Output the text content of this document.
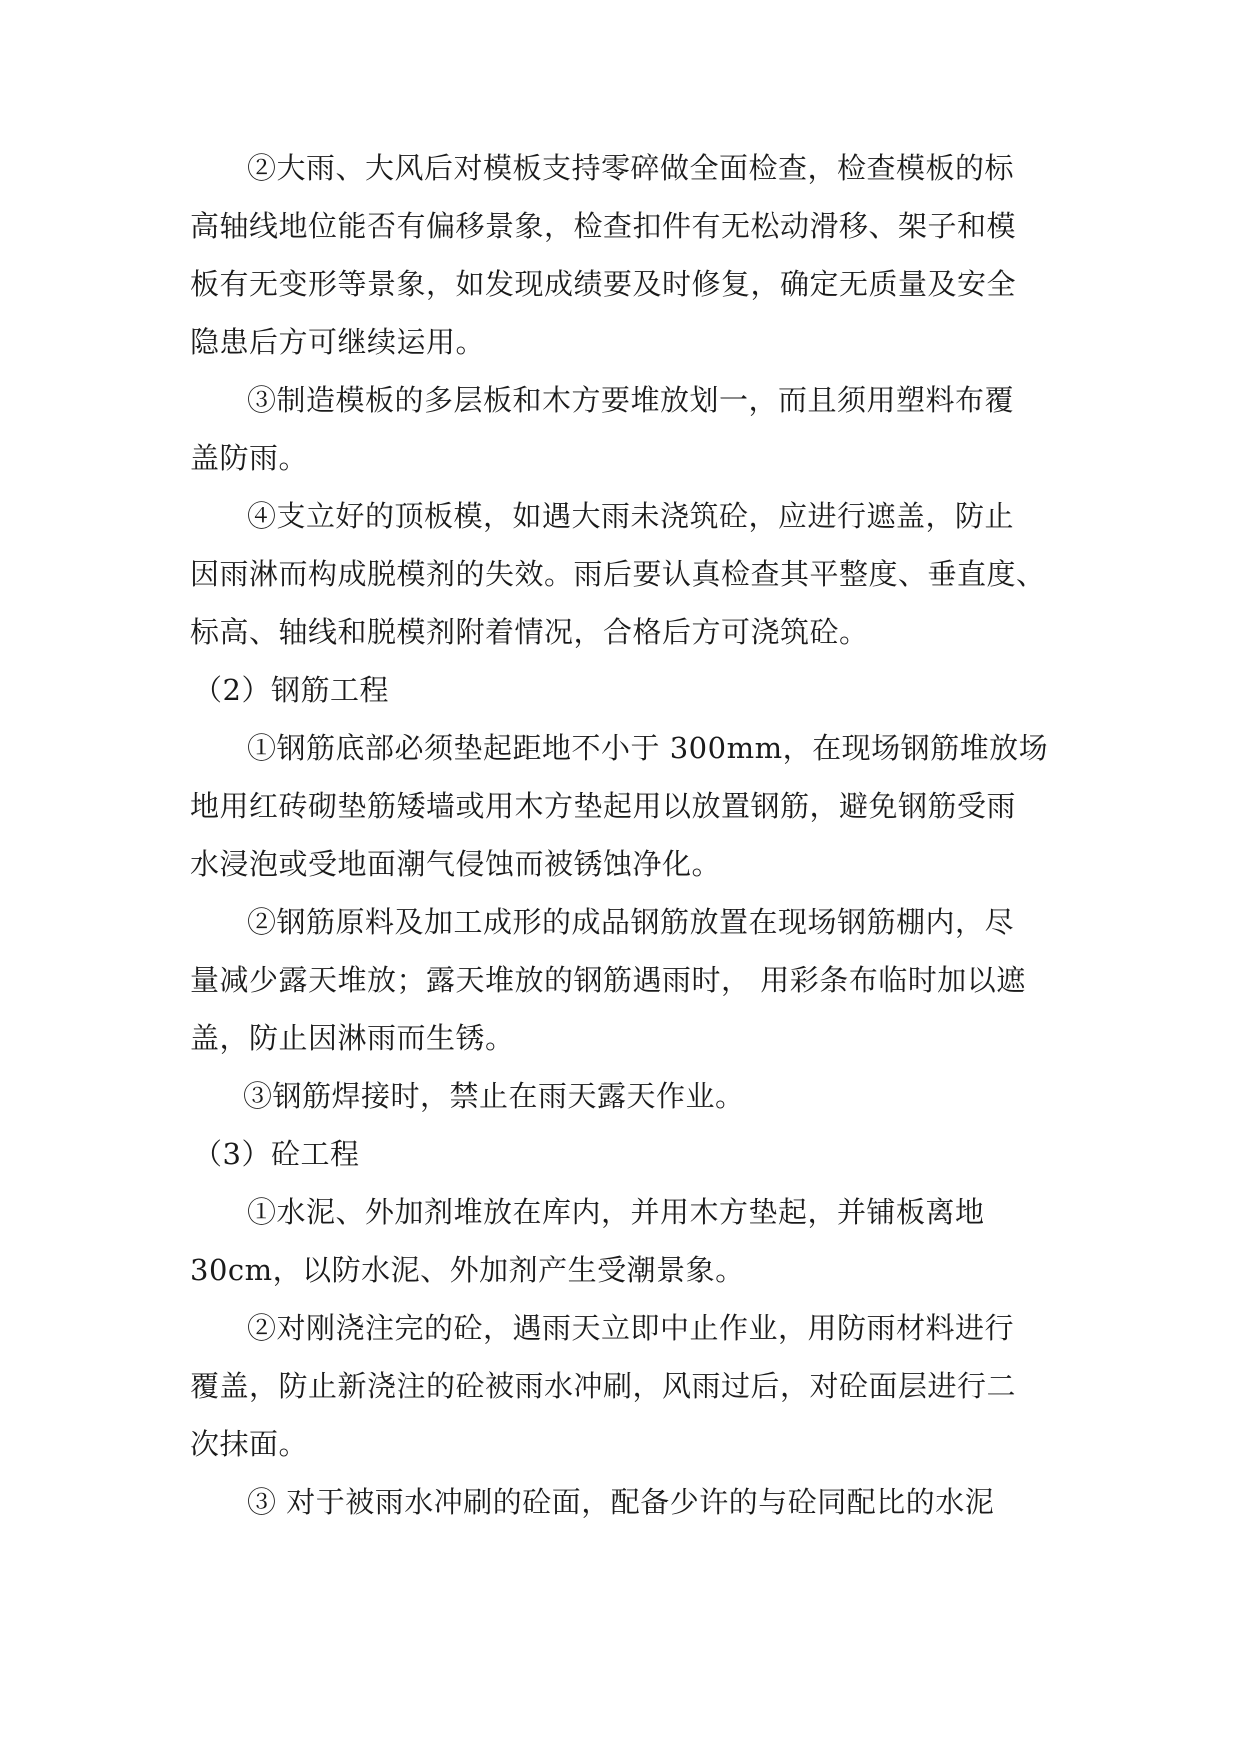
②大雨、大风后对模板支持零碎做全面检查，检查模板的标
高轴线地位能否有偏移景象，检查扣件有无松动滑移、架子和模
板有无变形等景象，如发现成绩要及时修复，确定无质量及安全
隐患后方可继续运用。
③制造模板的多层板和木方要堆放划一，而且须用塑料布覆
盖防雨。
④支立好的顶板模，如遇大雨未浇筑砼，应进行遮盖，防止
因雨淋而构成脱模剂的失效。雨后要认真检查其平整度、垂直度、
标高、轴线和脱模剂附着情况，合格后方可浇筑砼。
（2）钢筋工程
①钢筋底部必须垫起距地不小于 300mm，在现场钢筋堆放场
地用红砖砌垫筋矮墙或用木方垫起用以放置钢筋，避免钢筋受雨
水浸泡或受地面潮气侵蚀而被锈蚀净化。
②钢筋原料及加工成形的成品钢筋放置在现场钢筋棚内，尽
量减少露天堆放；露天堆放的钢筋遇雨时， 用彩条布临时加以遮
盖，防止因淋雨而生锈。
③钢筋焊接时，禁止在雨天露天作业。
（3）砼工程
①水泥、外加剂堆放在库内，并用木方垫起，并铺板离地
30cm，以防水泥、外加剂产生受潮景象。
②对刚浇注完的砼，遇雨天立即中止作业，用防雨材料进行
覆盖，防止新浇注的砼被雨水冲刷，风雨过后，对砼面层进行二
次抹面。
③ 对于被雨水冲刷的砼面，配备少许的与砼同配比的水泥
